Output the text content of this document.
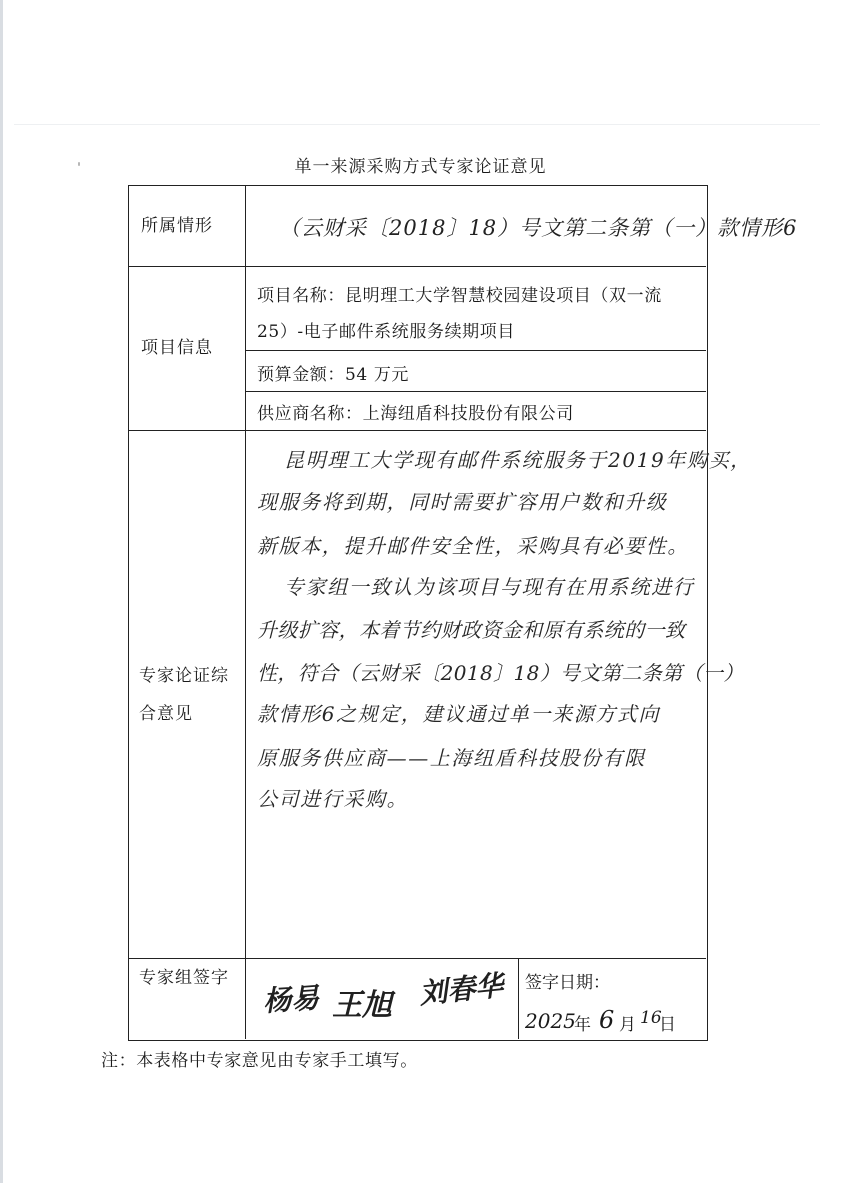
单一来源采购方式专家论证意见
所属情形	（云财采〔2018〕18）号文第二条第（一）款情形6
项目信息
项目名称：昆明理工大学智慧校园建设项目（双一流
25）-电子邮件系统服务续期项目
预算金额：54 万元
供应商名称：上海纽盾科技股份有限公司
专家论证综
合意见
昆明理工大学现有邮件系统服务于2019年购买，
现服务将到期，同时需要扩容用户数和升级
新版本，提升邮件安全性，采购具有必要性。
专家组一致认为该项目与现有在用系统进行
升级扩容，本着节约财政资金和原有系统的一致
性，符合（云财采〔2018〕18）号文第二条第（一）
款情形6之规定，建议通过单一来源方式向
原服务供应商——上海纽盾科技股份有限
公司进行采购。
专家组签字
杨易 王旭 刘春华 签字日期：
2025
年 6 月 16
日
注：本表格中专家意见由专家手工填写。
